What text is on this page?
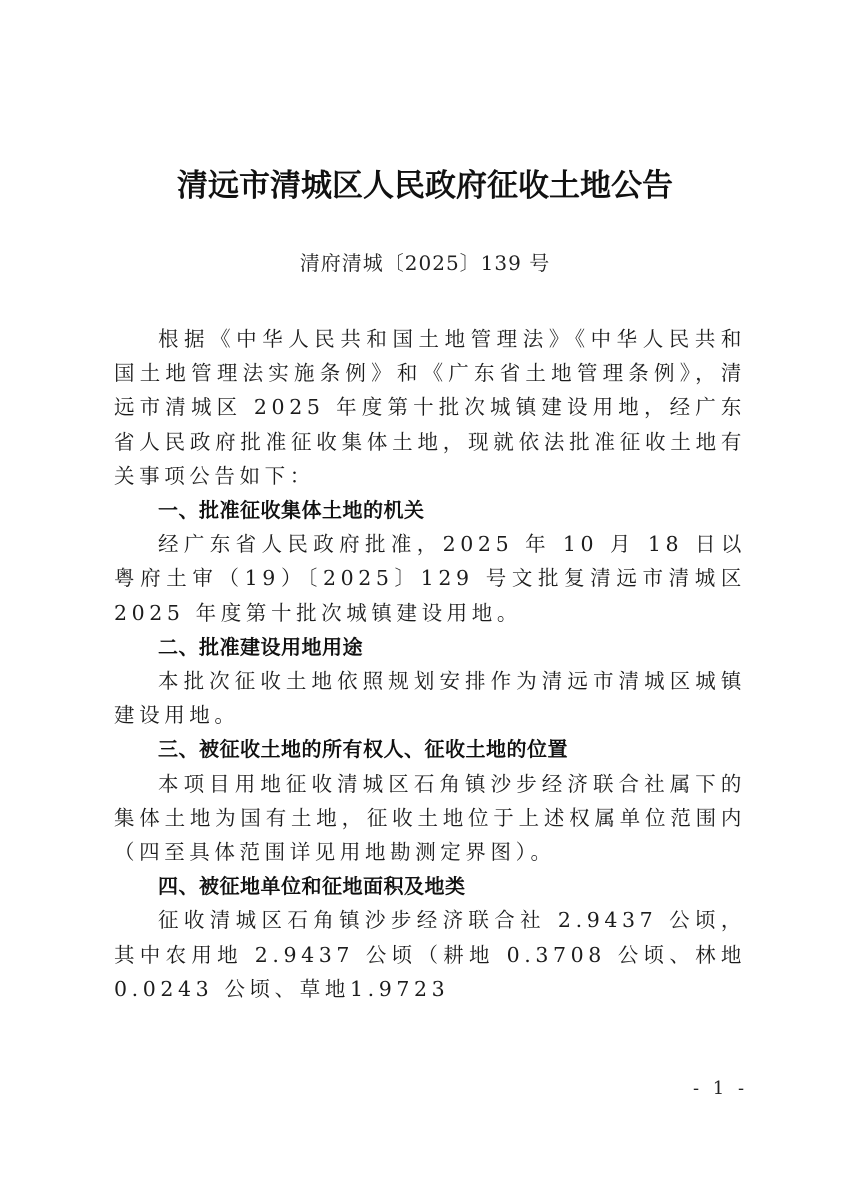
清远市清城区人民政府征收土地公告
清府清城〔2025〕139 号

根据《中华人民共和国土地管理法》《中华人民共和国土地管理法实施条例》和《广东省土地管理条例》，清远市清城区 2025 年度第十批次城镇建设用地，经广东省人民政府批准征收集体土地，现就依法批准征收土地有关事项公告如下：

一、批准征收集体土地的机关

经广东省人民政府批准，2025 年 10 月 18 日以粤府土审（19）〔2025〕129 号文批复清远市清城区 2025 年度第十批次城镇建设用地。

二、批准建设用地用途

本批次征收土地依照规划安排作为清远市清城区城镇建设用地。

三、被征收土地的所有权人、征收土地的位置

本项目用地征收清城区石角镇沙步经济联合社属下的集体土地为国有土地，征收土地位于上述权属单位范围内（四至具体范围详见用地勘测定界图）。

四、被征地单位和征地面积及地类

征收清城区石角镇沙步经济联合社 2.9437 公顷，其中农用地 2.9437 公顷（耕地 0.3708 公顷、林地 0.0243 公顷、草地1.9723

- 1 -
